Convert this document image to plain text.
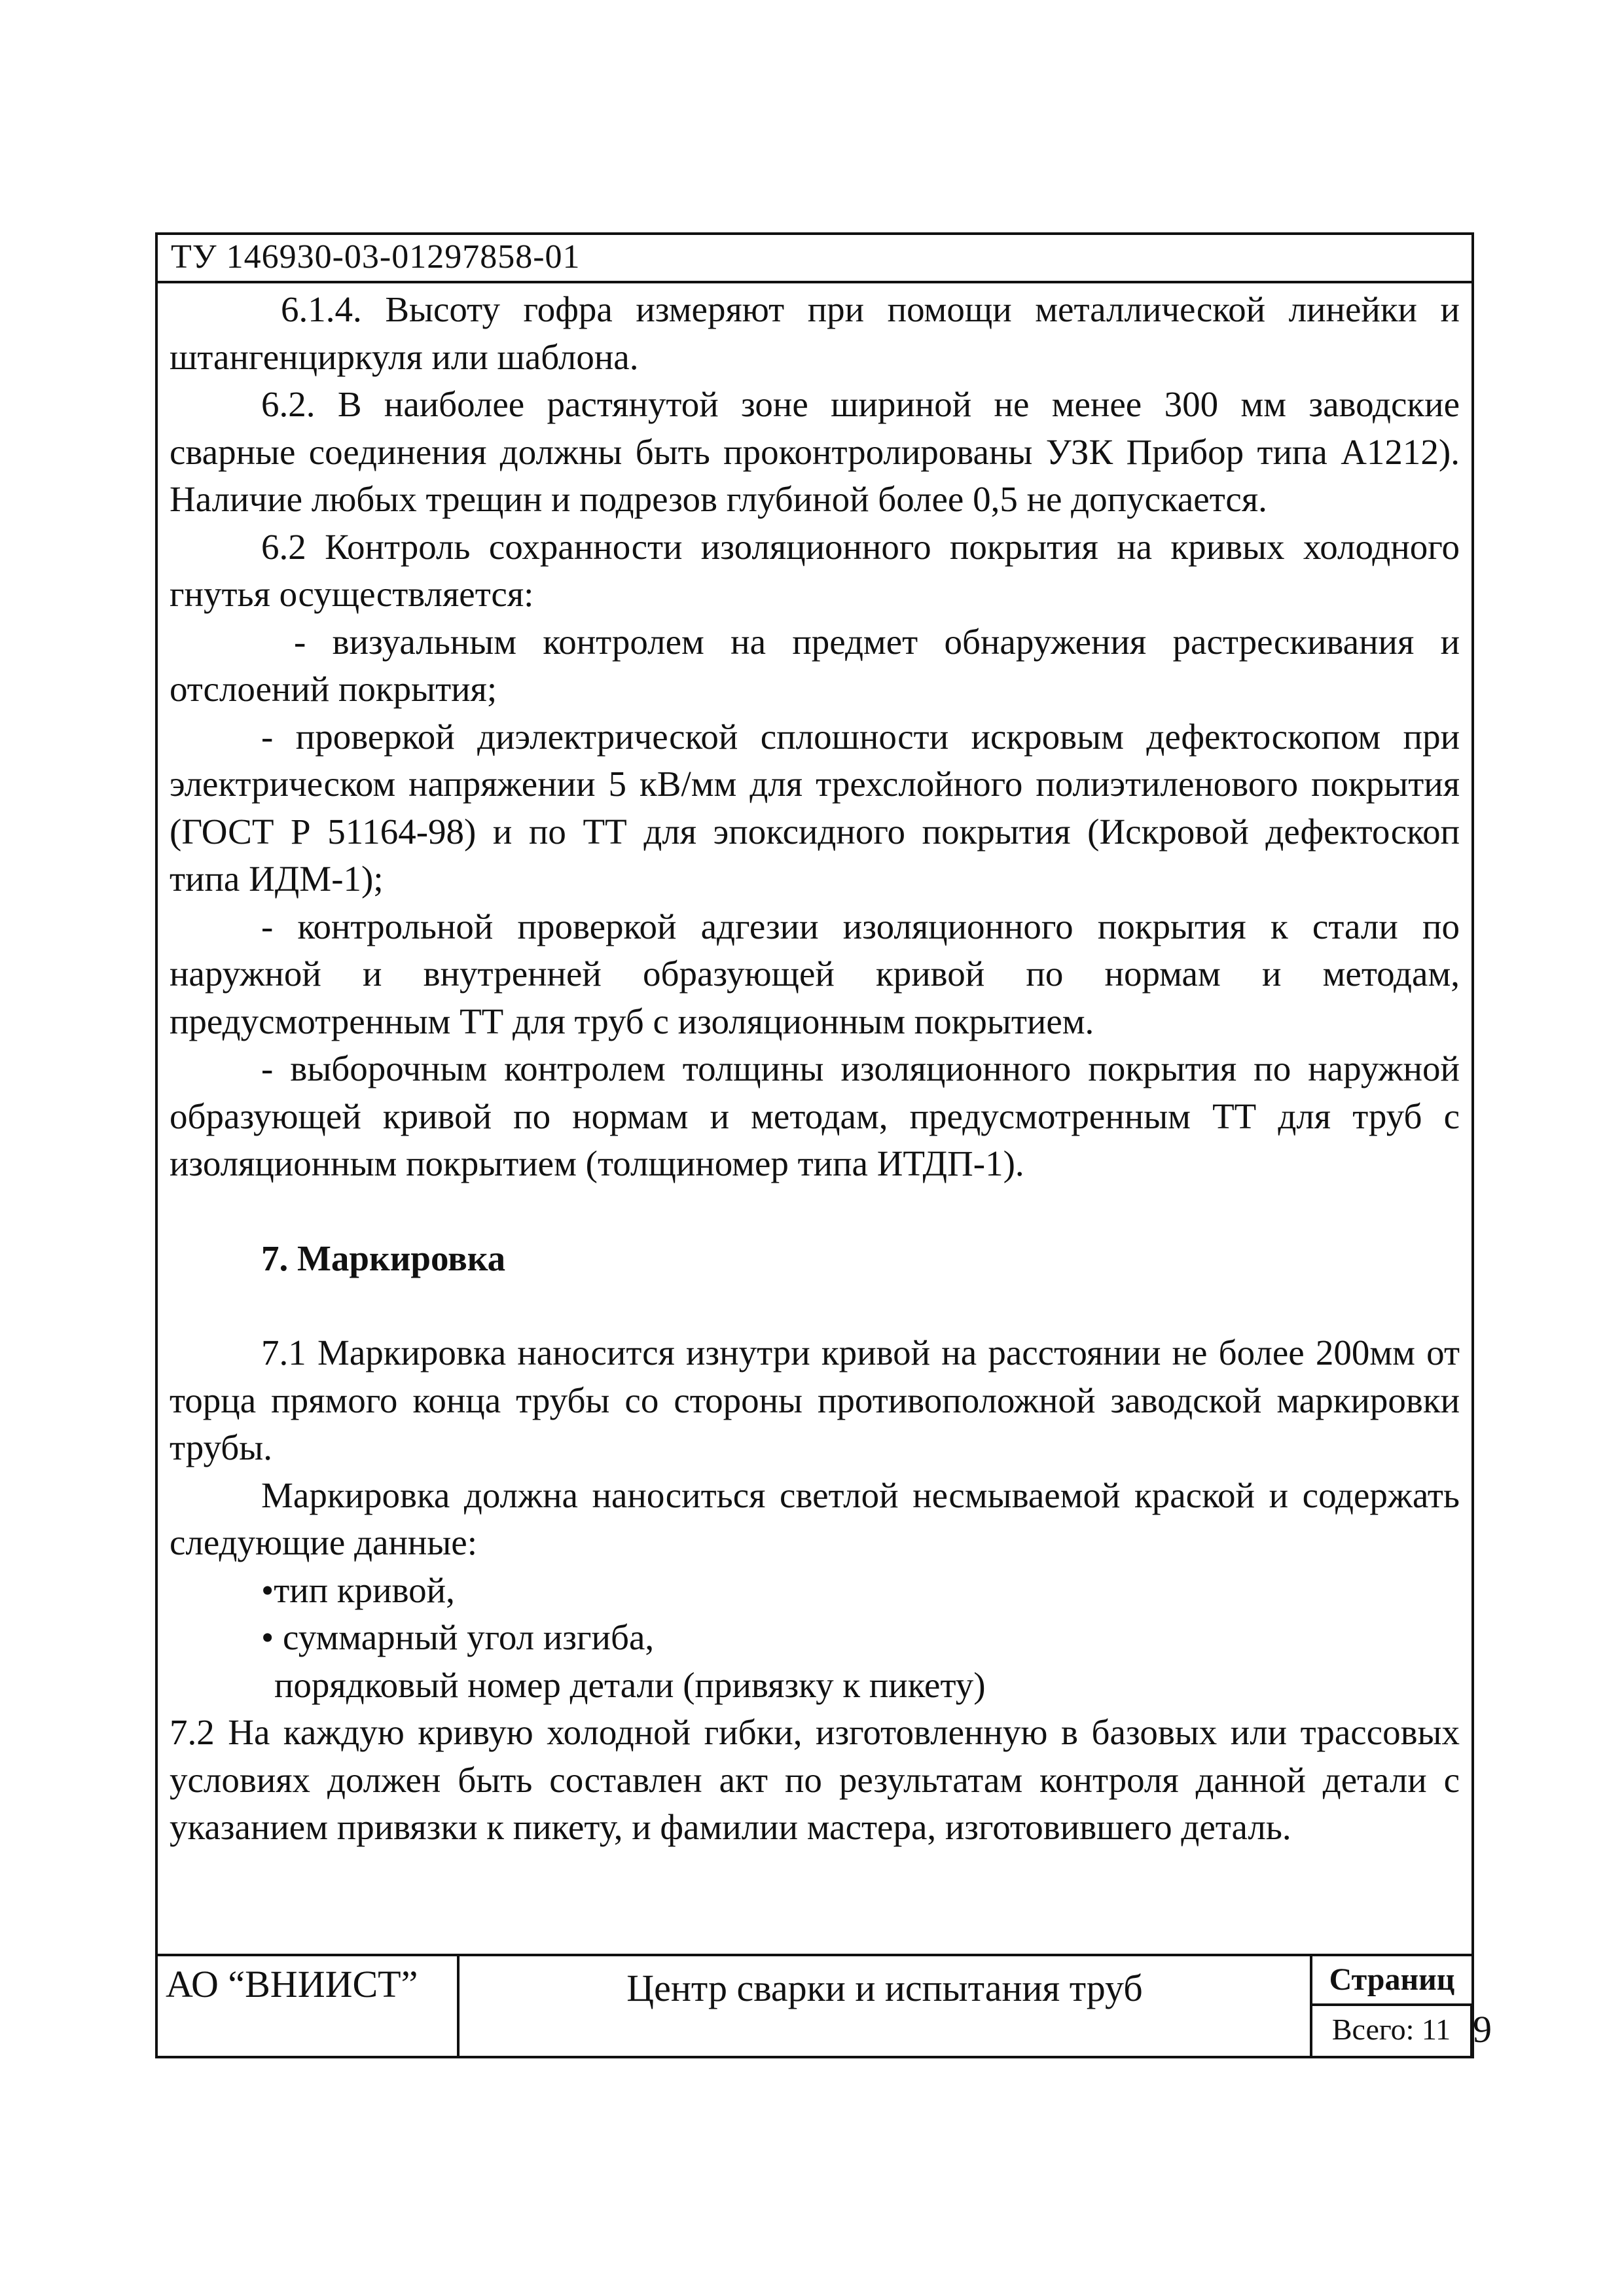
ТУ 146930-03-01297858-01

6.1.4. Высоту гофра измеряют при помощи металлической линейки и штангенциркуля или шаблона.

6.2. В наиболее растянутой зоне шириной не менее 300 мм заводские сварные соединения должны быть проконтролированы УЗК Прибор типа А1212). Наличие любых трещин и подрезов глубиной более 0,5 не допускается.

6.2 Контроль сохранности изоляционного покрытия на кривых холодного гнутья осуществляется:

- визуальным контролем на предмет обнаружения растрескивания и отслоений покрытия;

- проверкой диэлектрической сплошности искровым дефектоскопом при электрическом напряжении 5 кВ/мм для трехслойного полиэтиленового покрытия (ГОСТ Р 51164-98) и по ТТ для эпоксидного покрытия (Искровой дефектоскоп типа ИДМ-1);

- контрольной проверкой адгезии изоляционного покрытия к стали по наружной и внутренней образующей кривой по нормам и методам, предусмотренным ТТ для труб с изоляционным покрытием.

- выборочным контролем толщины изоляционного покрытия по наружной образующей кривой по нормам и методам, предусмотренным ТТ для труб с изоляционным покрытием (толщиномер типа ИТДП-1).

7. Маркировка

7.1 Маркировка наносится изнутри кривой на расстоянии не более 200мм от торца прямого конца трубы со стороны противоположной заводской маркировки трубы.

Маркировка должна наноситься светлой несмываемой краской и содержать следующие данные:

•тип кривой,

• суммарный угол изгиба,

порядковый номер детали (привязку к пикету)

7.2 На каждую кривую холодной гибки, изготовленную в базовых или трассовых условиях должен быть составлен акт по результатам контроля данной детали с указанием привязки к пикету, и фамилии мастера, изготовившего деталь.

АО “ВНИИСТ”	Центр сварки и испытания труб	Страниц
Всего: 11 9
